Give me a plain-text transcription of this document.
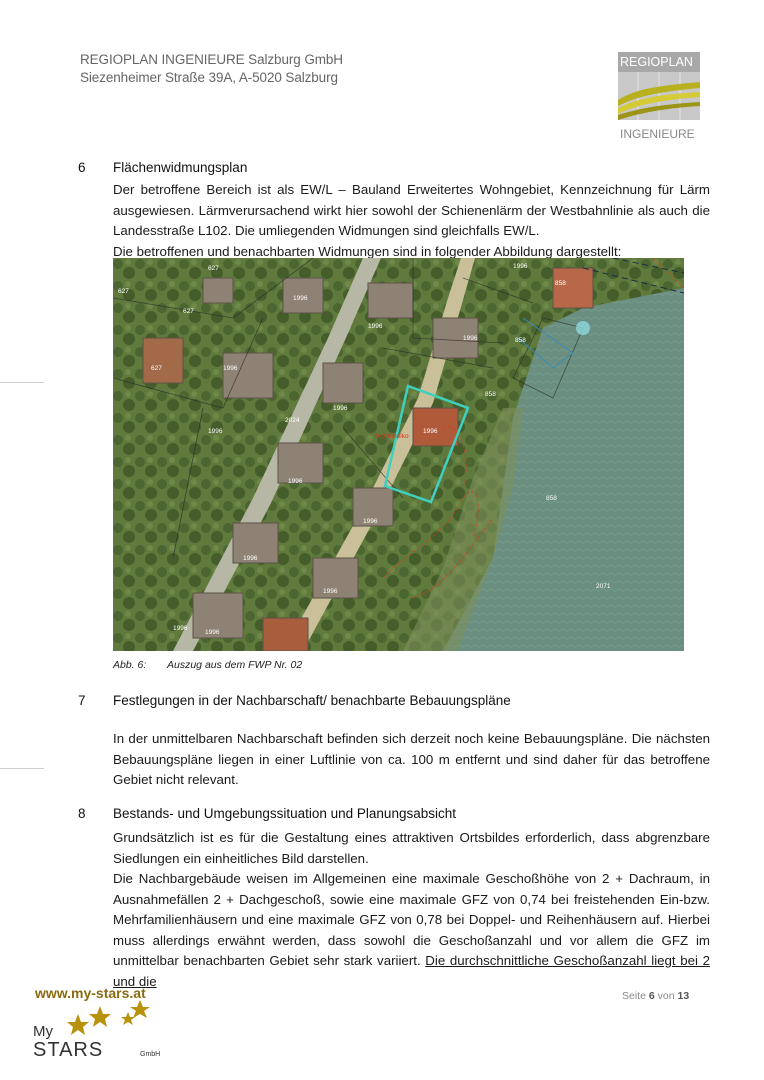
REGIOPLAN INGENIEURE Salzburg GmbH
Siezenheimer Straße 39A, A-5020 Salzburg
REGIOPLAN
INGENIEURE
6 Flächenwidmungsplan

Der betroffene Bereich ist als EW/L – Bauland Erweitertes Wohngebiet, Kennzeichnung für Lärm ausgewiesen. Lärmverursachend wirkt hier sowohl der Schienenlärm der Westbahnlinie als auch die Landesstraße L102. Die umliegenden Widmungen sind gleichfalls EW/L.

Die betroffenen und benachbarten Widmungen sind in folgender Abbildung dargestellt:

1996
1996
1996
1996
1996
1996
1996
1996
1996
1996
1996
1996
1996
1996
2024
858
858
858
858
2071
627
627
627
627
Mot Mbolko
Abb. 6: Auszug aus dem FWP Nr. 02
7 Festlegungen in der Nachbarschaft/ benachbarte Bebauungspläne
In der unmittelbaren Nachbarschaft befinden sich derzeit noch keine Bebauungspläne. Die nächsten Bebauungspläne liegen in einer Luftlinie von ca. 100 m entfernt und sind daher für das betroffene Gebiet nicht relevant.
8 Bestands- und Umgebungssituation und Planungsabsicht

Grundsätzlich ist es für die Gestaltung eines attraktiven Ortsbildes erforderlich, dass abgrenzbare Siedlungen ein einheitliches Bild darstellen.

Die Nachbargebäude weisen im Allgemeinen eine maximale Geschoßhöhe von 2 + Dachraum, in Ausnahmefällen 2 + Dachgeschoß, sowie eine maximale GFZ von 0,74 bei freistehenden Ein-bzw. Mehrfamilienhäusern und eine maximale GFZ von 0,78 bei Doppel- und Reihenhäusern auf. Hierbei muss allerdings erwähnt werden, dass sowohl die Geschoßanzahl und vor allem die GFZ im unmittelbar benachbarten Gebiet sehr stark variiert. Die durchschnittliche Geschoßanzahl liegt bei 2 und die

www.my-stars.at
My
STARS	GmbH
Seite 6 von 13
